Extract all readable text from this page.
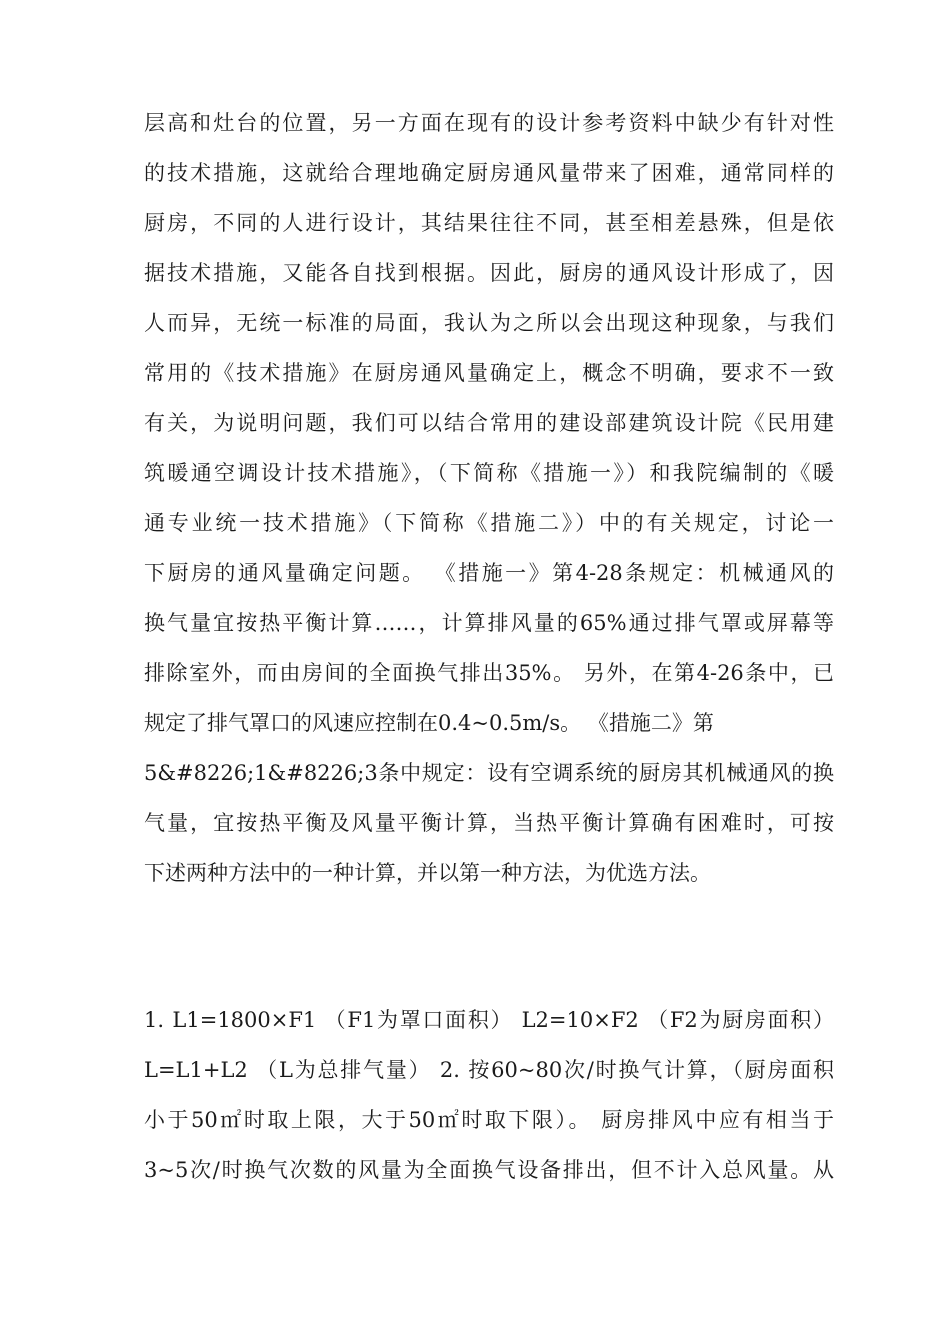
层高和灶台的位置，另一方面在现有的设计参考资料中缺少有针对性
的技术措施，这就给合理地确定厨房通风量带来了困难，通常同样的
厨房，不同的人进行设计，其结果往往不同，甚至相差悬殊，但是依
据技术措施，又能各自找到根据。因此，厨房的通风设计形成了，因
人而异，无统一标准的局面，我认为之所以会出现这种现象，与我们
常用的《技术措施》在厨房通风量确定上，概念不明确，要求不一致
有关，为说明问题，我们可以结合常用的建设部建筑设计院《民用建
筑暖通空调设计技术措施》，（下简称《措施一》）和我院编制的《暖
通专业统一技术措施》（下简称《措施二》）中的有关规定，讨论一
下厨房的通风量确定问题。 《措施一》第4-28条规定：机械通风的
换气量宜按热平衡计算……，计算排风量的65%通过排气罩或屏幕等
排除室外，而由房间的全面换气排出35%。 另外，在第4-26条中，已
规定了排气罩口的风速应控制在0.4~0.5m/s。 《措施二》第
5&#8226;1&#8226;3条中规定：设有空调系统的厨房其机械通风的换
气量，宜按热平衡及风量平衡计算，当热平衡计算确有困难时，可按
下述两种方法中的一种计算，并以第一种方法，为优选方法。
1. L1=1800×F1 （F1为罩口面积） L2=10×F2 （F2为厨房面积）
L=L1+L2 （L为总排气量） 2. 按60~80次/时换气计算，（厨房面积
小于50㎡时取上限，大于50㎡时取下限）。 厨房排风中应有相当于
3~5次/时换气次数的风量为全面换气设备排出，但不计入总风量。从
